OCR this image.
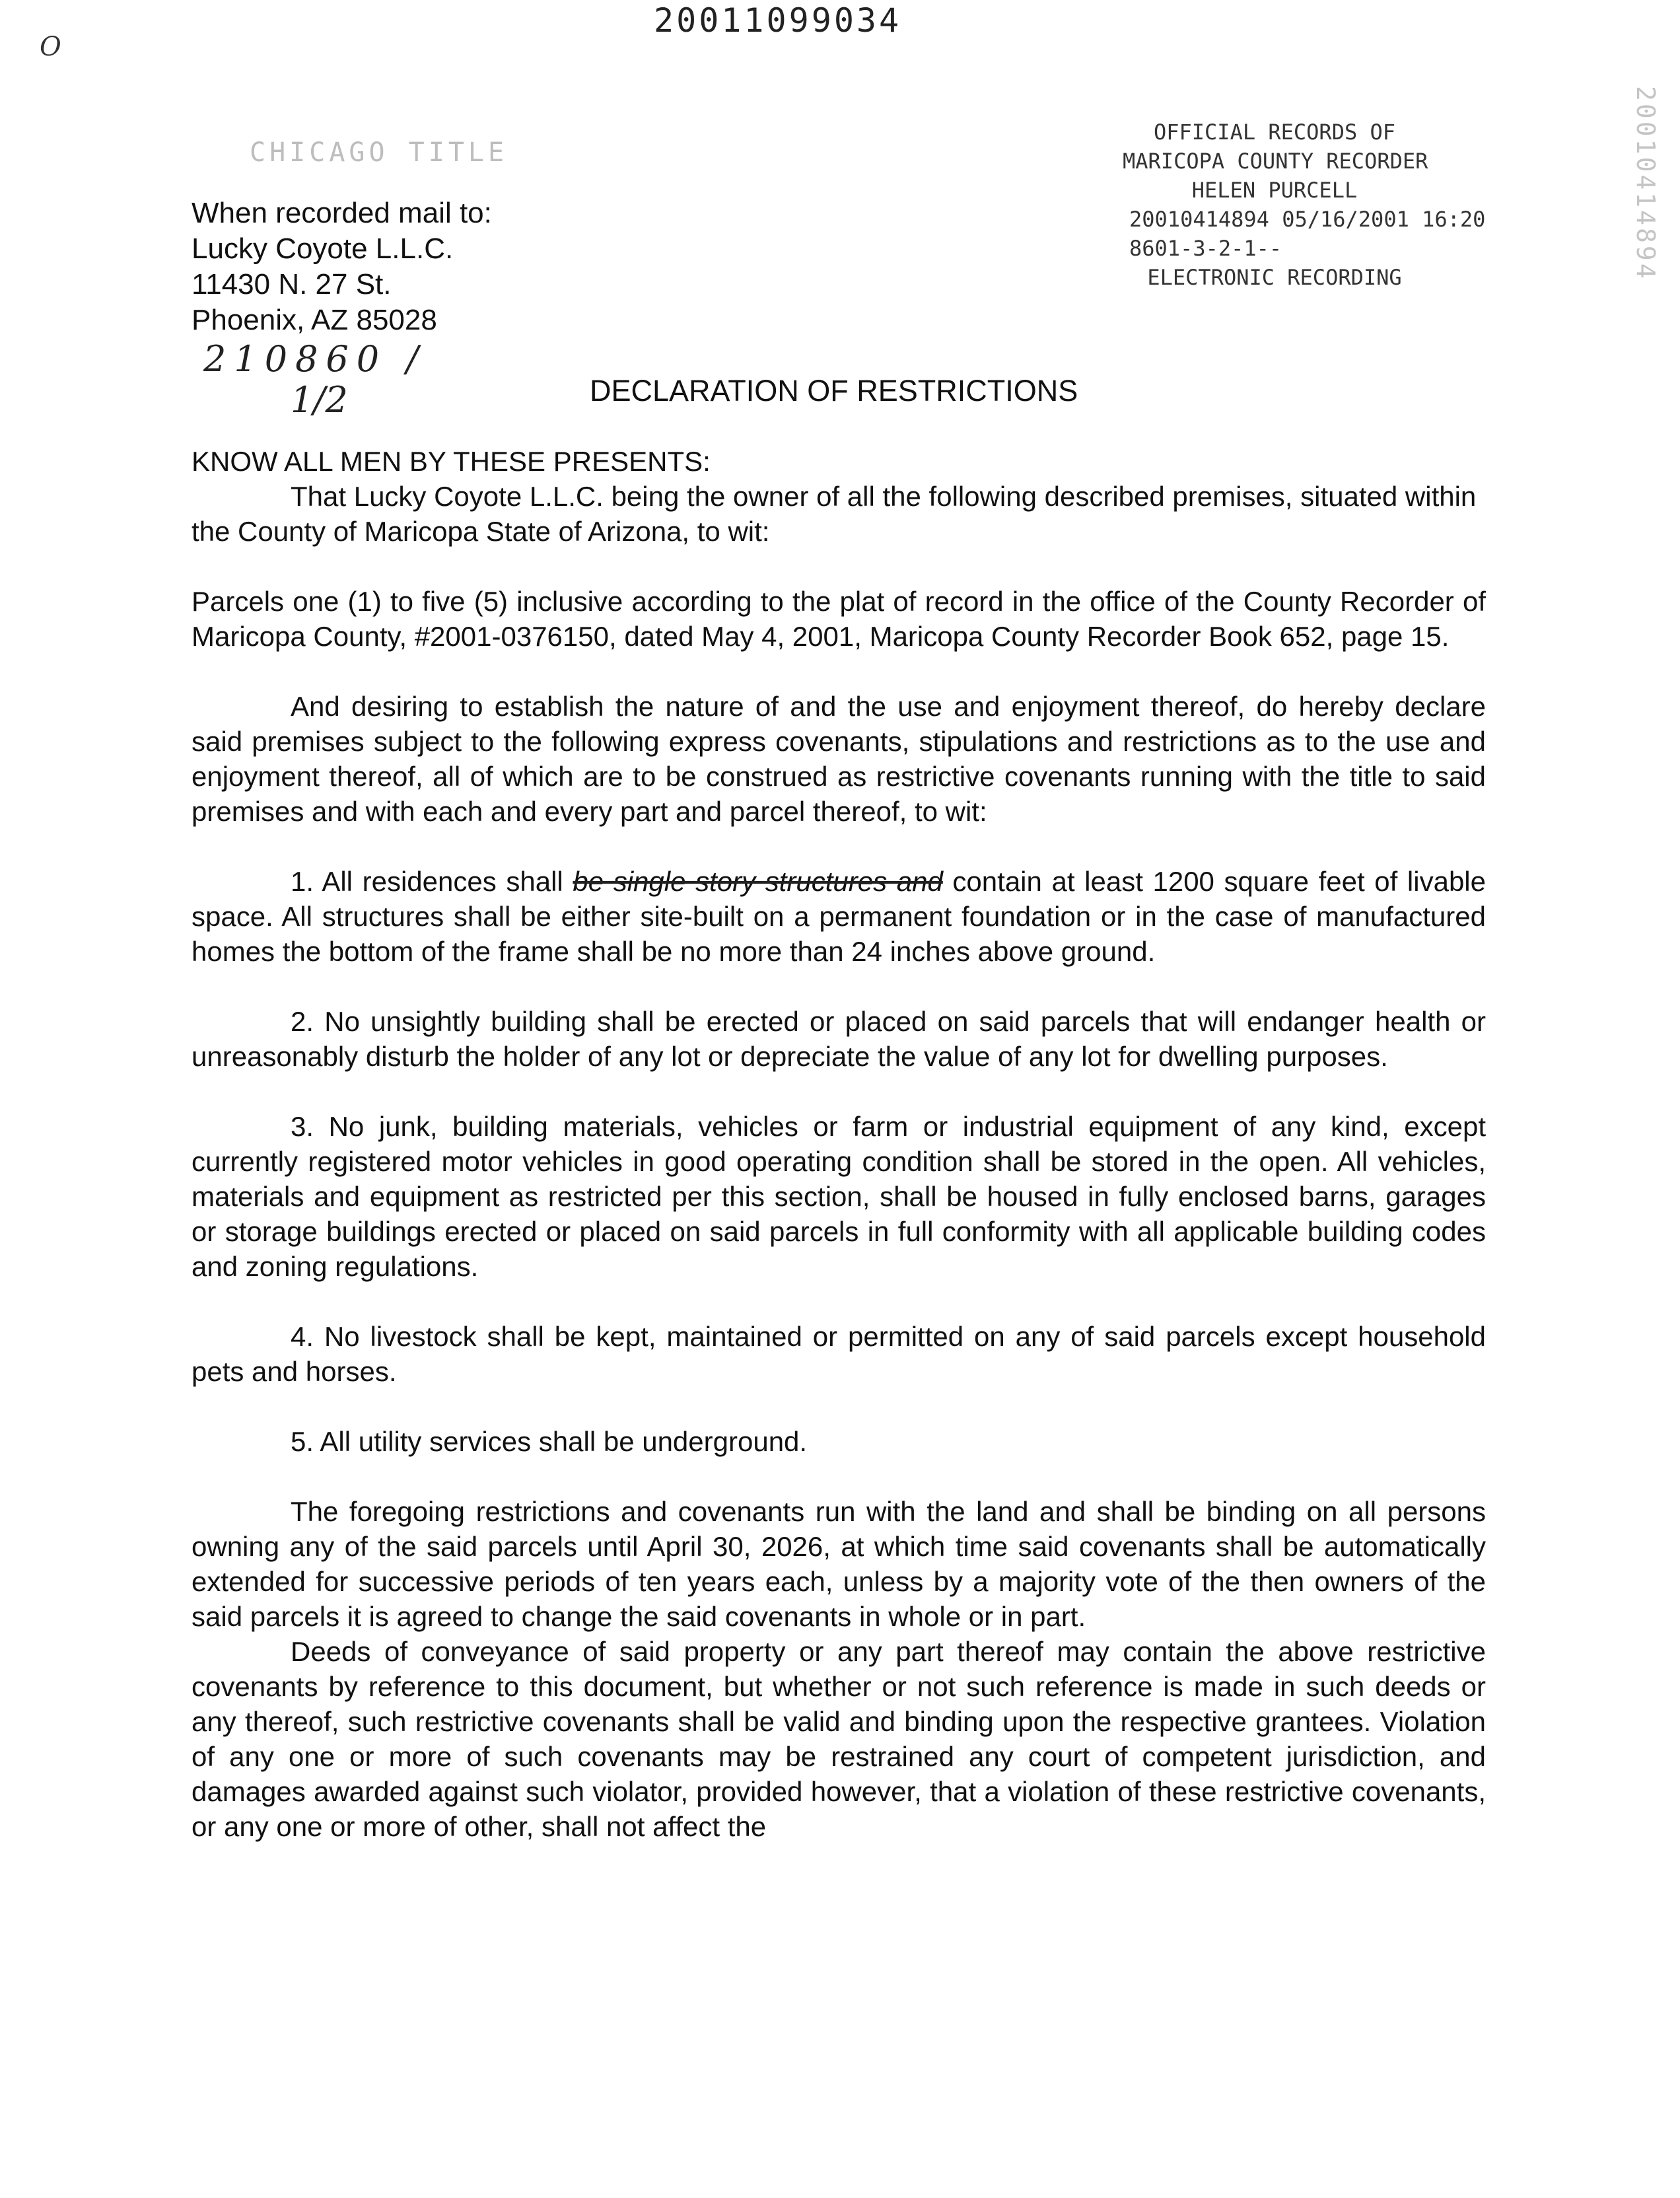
20011099034
O
CHICAGO TITLE
OFFICIAL RECORDS OF
MARICOPA COUNTY RECORDER
HELEN PURCELL
20010414894 05/16/2001 16:20
8601-3-2-1--
ELECTRONIC RECORDING	20010414894
When recorded mail to:
Lucky Coyote L.L.C.
11430 N. 27 St.
Phoenix, AZ 85028
210860 /
1/2	DECLARATION OF RESTRICTIONS

KNOW ALL MEN BY THESE PRESENTS:

That Lucky Coyote L.L.C. being the owner of all the following described premises, situated within the County of Maricopa State of Arizona, to wit:

Parcels one (1) to five (5) inclusive according to the plat of record in the office of the County Recorder of Maricopa County, #2001-0376150, dated May 4, 2001, Maricopa County Recorder Book 652, page 15.

And desiring to establish the nature of and the use and enjoyment thereof, do hereby declare said premises subject to the following express covenants, stipulations and restrictions as to the use and enjoyment thereof, all of which are to be construed as restrictive covenants running with the title to said premises and with each and every part and parcel thereof, to wit:

1. All residences shall be single story structures and contain at least 1200 square feet of livable space. All structures shall be either site-built on a permanent foundation or in the case of manufactured homes the bottom of the frame shall be no more than 24 inches above ground.

2. No unsightly building shall be erected or placed on said parcels that will endanger health or unreasonably disturb the holder of any lot or depreciate the value of any lot for dwelling purposes.

3. No junk, building materials, vehicles or farm or industrial equipment of any kind, except currently registered motor vehicles in good operating condition shall be stored in the open. All vehicles, materials and equipment as restricted per this section, shall be housed in fully enclosed barns, garages or storage buildings erected or placed on said parcels in full conformity with all applicable building codes and zoning regulations.

4. No livestock shall be kept, maintained or permitted on any of said parcels except household pets and horses.

5. All utility services shall be underground.

The foregoing restrictions and covenants run with the land and shall be binding on all persons owning any of the said parcels until April 30, 2026, at which time said covenants shall be automatically extended for successive periods of ten years each, unless by a majority vote of the then owners of the said parcels it is agreed to change the said covenants in whole or in part.

Deeds of conveyance of said property or any part thereof may contain the above restrictive covenants by reference to this document, but whether or not such reference is made in such deeds or any thereof, such restrictive covenants shall be valid and binding upon the respective grantees. Violation of any one or more of such covenants may be restrained any court of competent jurisdiction, and damages awarded against such violator, provided however, that a violation of these restrictive covenants, or any one or more of other, shall not affect the
